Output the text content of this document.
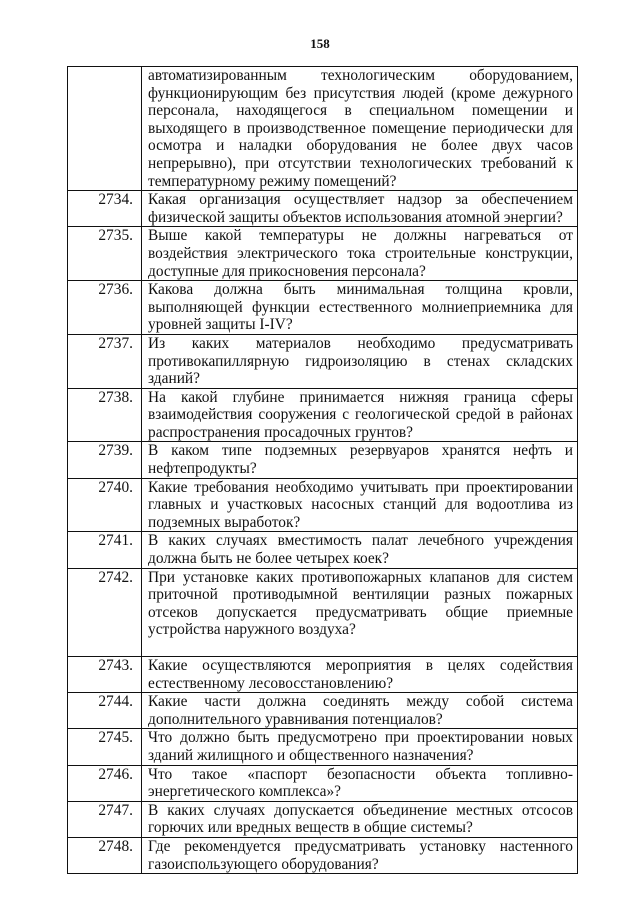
158
	автоматизированным технологическим оборудованием, функционирующим без присутствия людей (кроме дежурного персонала, находящегося в специальном помещении и выходящего в производственное помещение периодически для осмотра и наладки оборудования не более двух часов непрерывно), при отсутствии технологических требований к температурному режиму помещений?
2734.	Какая организация осуществляет надзор за обеспечением физической защиты объектов использования атомной энергии?
2735.	Выше какой температуры не должны нагреваться от воздействия электрического тока строительные конструкции, доступные для прикосновения персонала?
2736.	Какова должна быть минимальная толщина кровли, выполняющей функции естественного молниеприемника для уровней защиты I-IV?
2737.	Из каких материалов необходимо предусматривать противокапиллярную гидроизоляцию в стенах складских зданий?
2738.	На какой глубине принимается нижняя граница сферы взаимодействия сооружения с геологической средой в районах распространения просадочных грунтов?
2739.	В каком типе подземных резервуаров хранятся нефть и нефтепродукты?
2740.	Какие требования необходимо учитывать при проектировании главных и участковых насосных станций для водоотлива из подземных выработок?
2741.	В каких случаях вместимость палат лечебного учреждения должна быть не более четырех коек?
2742.	При установке каких противопожарных клапанов для систем приточной противодымной вентиляции разных пожарных отсеков допускается предусматривать общие приемные устройства наружного воздуха?

2743.	Какие осуществляются мероприятия в целях содействия естественному лесовосстановлению?
2744.	Какие части должна соединять между собой система дополнительного уравнивания потенциалов?
2745.	Что должно быть предусмотрено при проектировании новых зданий жилищного и общественного назначения?
2746.	Что такое «паспорт безопасности объекта топливно-энергетического комплекса»?
2747.	В каких случаях допускается объединение местных отсосов горючих или вредных веществ в общие системы?
2748.	Где рекомендуется предусматривать установку настенного газоиспользующего оборудования?
